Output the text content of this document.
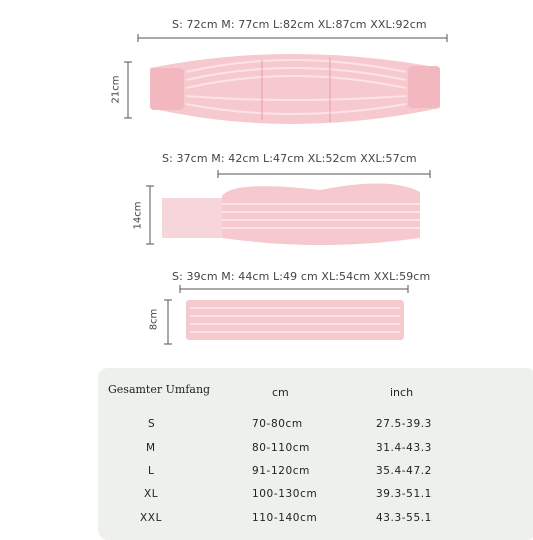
S: 72cm M: 77cm L:82cm XL:87cm XXL:92cm
21cm
S: 37cm M: 42cm L:47cm XL:52cm XXL:57cm
14cm
S: 39cm M: 44cm L:49 cm XL:54cm XXL:59cm
8cm
Gesamter Umfang	cm	inch
S	70-80cm	27.5-39.3
M	80-110cm	31.4-43.3
L	91-120cm	35.4-47.2
XL	100-130cm	39.3-51.1
XXL	110-140cm	43.3-55.1
